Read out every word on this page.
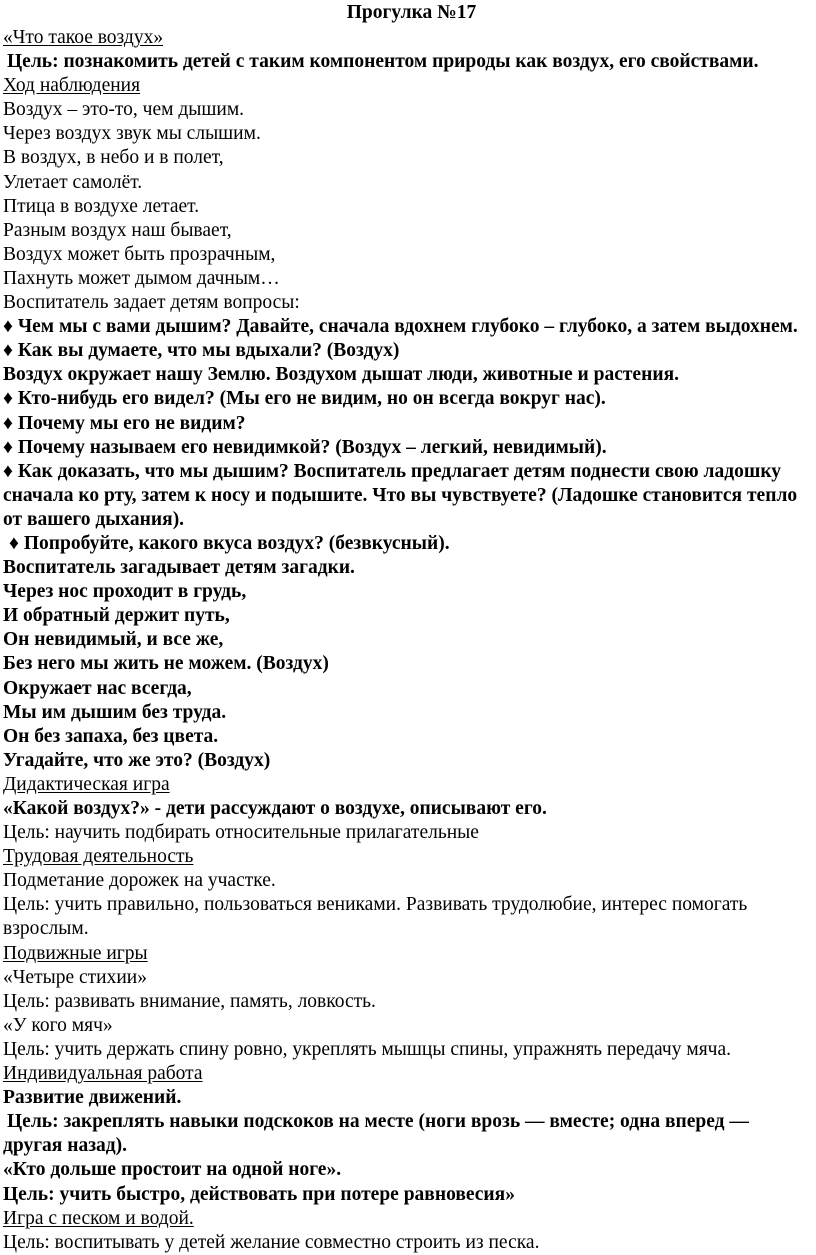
Прогулка №17
«Что такое воздух»
Цель: познакомить детей с таким компонентом природы как воздух, его свойствами.
Ход наблюдения
Воздух – это-то, чем дышим.
Через воздух звук мы слышим.
В воздух, в небо и в полет,
Улетает самолёт.
Птица в воздухе летает.
Разным воздух наш бывает,
Воздух может быть прозрачным,
Пахнуть может дымом дачным…
Воспитатель задает детям вопросы:
♦ Чем мы с вами дышим? Давайте, сначала вдохнем глубоко – глубоко, а затем выдохнем.
♦ Как вы думаете, что мы вдыхали? (Воздух)
Воздух окружает нашу Землю. Воздухом дышат люди, животные и растения.
♦ Кто-нибудь его видел? (Мы его не видим, но он всегда вокруг нас).
♦ Почему мы его не видим?
♦ Почему называем его невидимкой? (Воздух – легкий, невидимый).
♦ Как доказать, что мы дышим? Воспитатель предлагает детям поднести свою ладошку
сначала ко рту, затем к носу и подышите. Что вы чувствуете? (Ладошке становится тепло
от вашего дыхания).
♦ Попробуйте, какого вкуса воздух? (безвкусный).
Воспитатель загадывает детям загадки.
Через нос проходит в грудь,
И обратный держит путь,
Он невидимый, и все же,
Без него мы жить не можем. (Воздух)
Окружает нас всегда,
Мы им дышим без труда.
Он без запаха, без цвета.
Угадайте, что же это? (Воздух)
Дидактическая игра
«Какой воздух?» - дети рассуждают о воздухе, описывают его.
Цель: научить подбирать относительные прилагательные
Трудовая деятельность
Подметание дорожек на участке.
Цель: учить правильно, пользоваться вениками. Развивать трудолюбие, интерес помогать
взрослым.
Подвижные игры
«Четыре стихии»
Цель: развивать внимание, память, ловкость.
«У кого мяч»
Цель: учить держать спину ровно, укреплять мышцы спины, упражнять передачу мяча.
Индивидуальная работа
Развитие движений.
Цель: закреплять навыки подскоков на месте (ноги врозь — вместе; одна вперед —
другая назад).
«Кто дольше простоит на одной ноге».
Цель: учить быстро, действовать при потере равновесия»
Игра с песком и водой.
Цель: воспитывать у детей желание совместно строить из песка.
